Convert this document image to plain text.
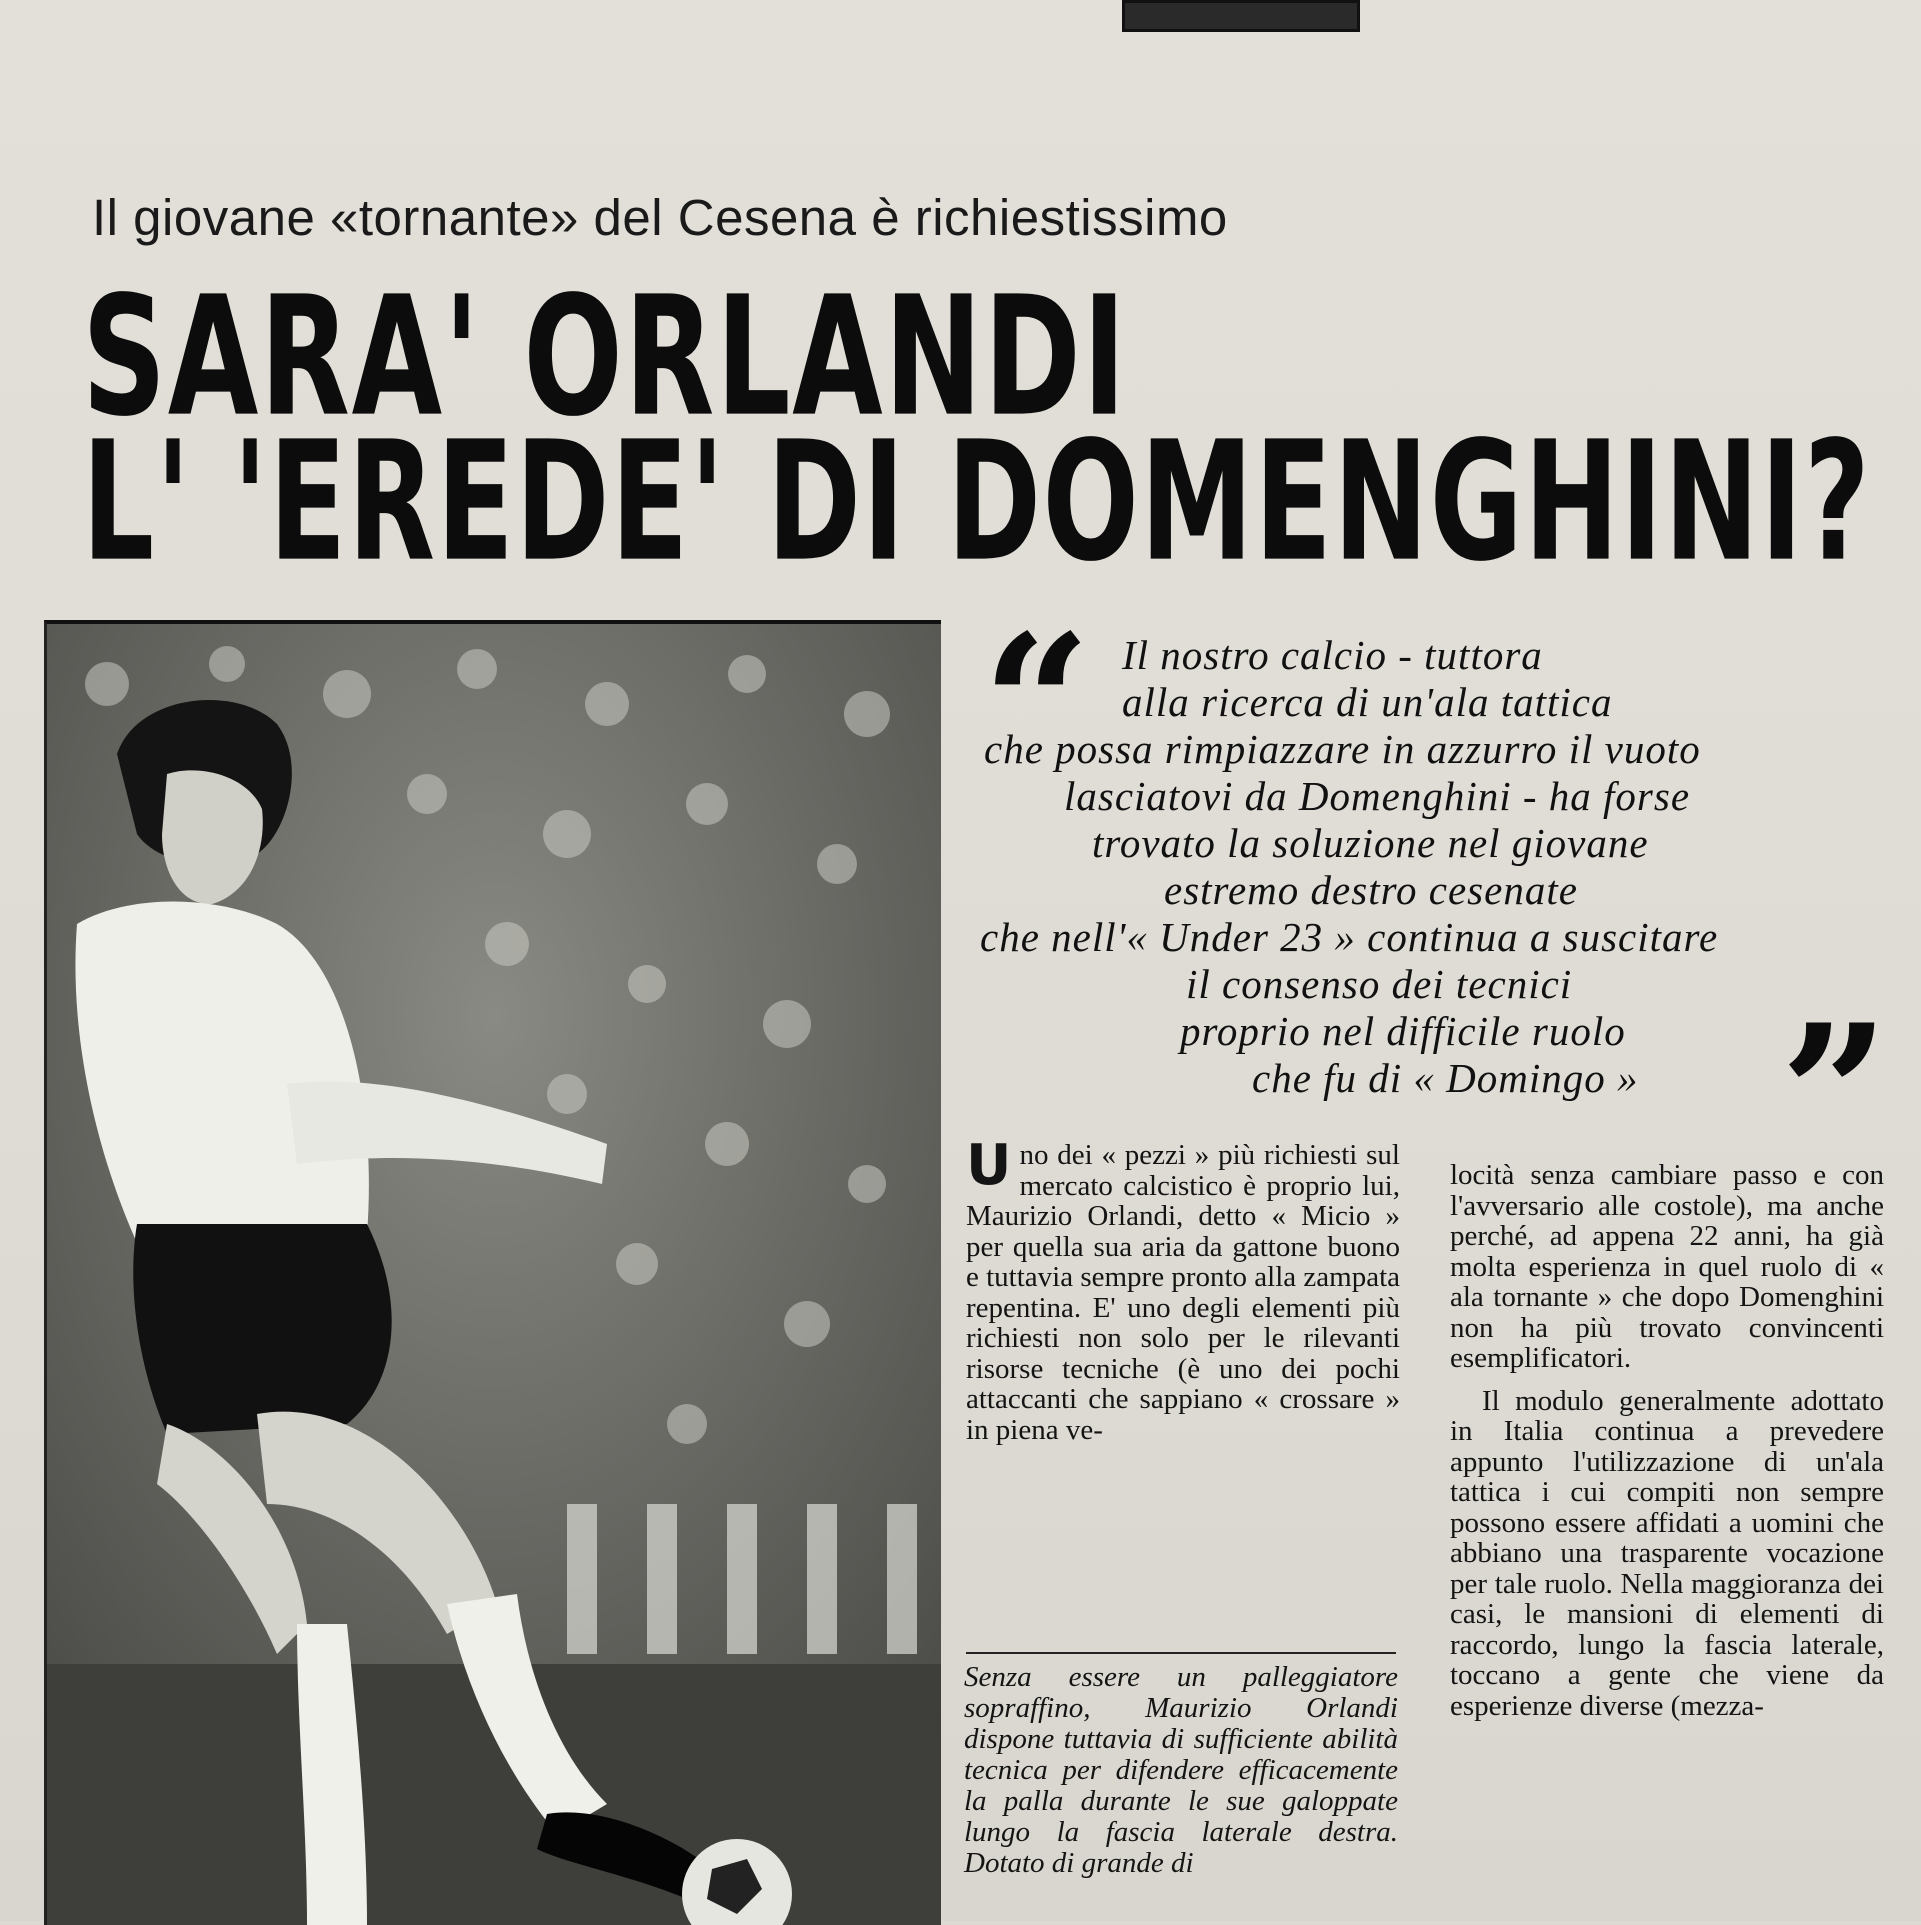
Il giovane «tornante» del Cesena è richiestissimo
SARA' ORLANDI
L' 'EREDE' DI DOMENGHINI?
“
”
Il nostro calcio - tuttora
alla ricerca di un'ala tattica
che possa rimpiazzare in azzurro il vuoto
lasciatovi da Domenghini - ha forse
trovato la soluzione nel giovane
estremo destro cesenate
che nell'« Under 23 » continua a suscitare
il consenso dei tecnici
proprio nel difficile ruolo
che fu di « Domingo »
U no dei « pezzi » più richiesti sul mercato calcistico è proprio lui, Maurizio Orlandi, detto « Micio » per quella sua aria da gattone buono e tuttavia sempre pronto alla zampata repentina. E' uno degli elementi più richiesti non solo per le rilevanti risorse tecniche (è uno dei pochi attaccanti che sappiano « crossare » in piena ve-

locità senza cambiare passo e con l'avversario alle costole), ma anche perché, ad appena 22 anni, ha già molta esperienza in quel ruolo di « ala tornante » che dopo Domenghini non ha più trovato convincenti esemplificatori.

Il modulo generalmente adottato in Italia continua a prevedere appunto l'utilizzazione di un'ala tattica i cui compiti non sempre possono essere affidati a uomini che abbiano una trasparente vocazione per tale ruolo. Nella maggioranza dei casi, le mansioni di elementi di raccordo, lungo la fascia laterale, toccano a gente che viene da esperienze diverse (mezza-

Senza essere un palleggiatore sopraffino, Maurizio Orlandi dispone tuttavia di sufficiente abilità tecnica per difendere efficacemente la palla durante le sue galoppate lungo la fascia laterale destra. Dotato di grande di
